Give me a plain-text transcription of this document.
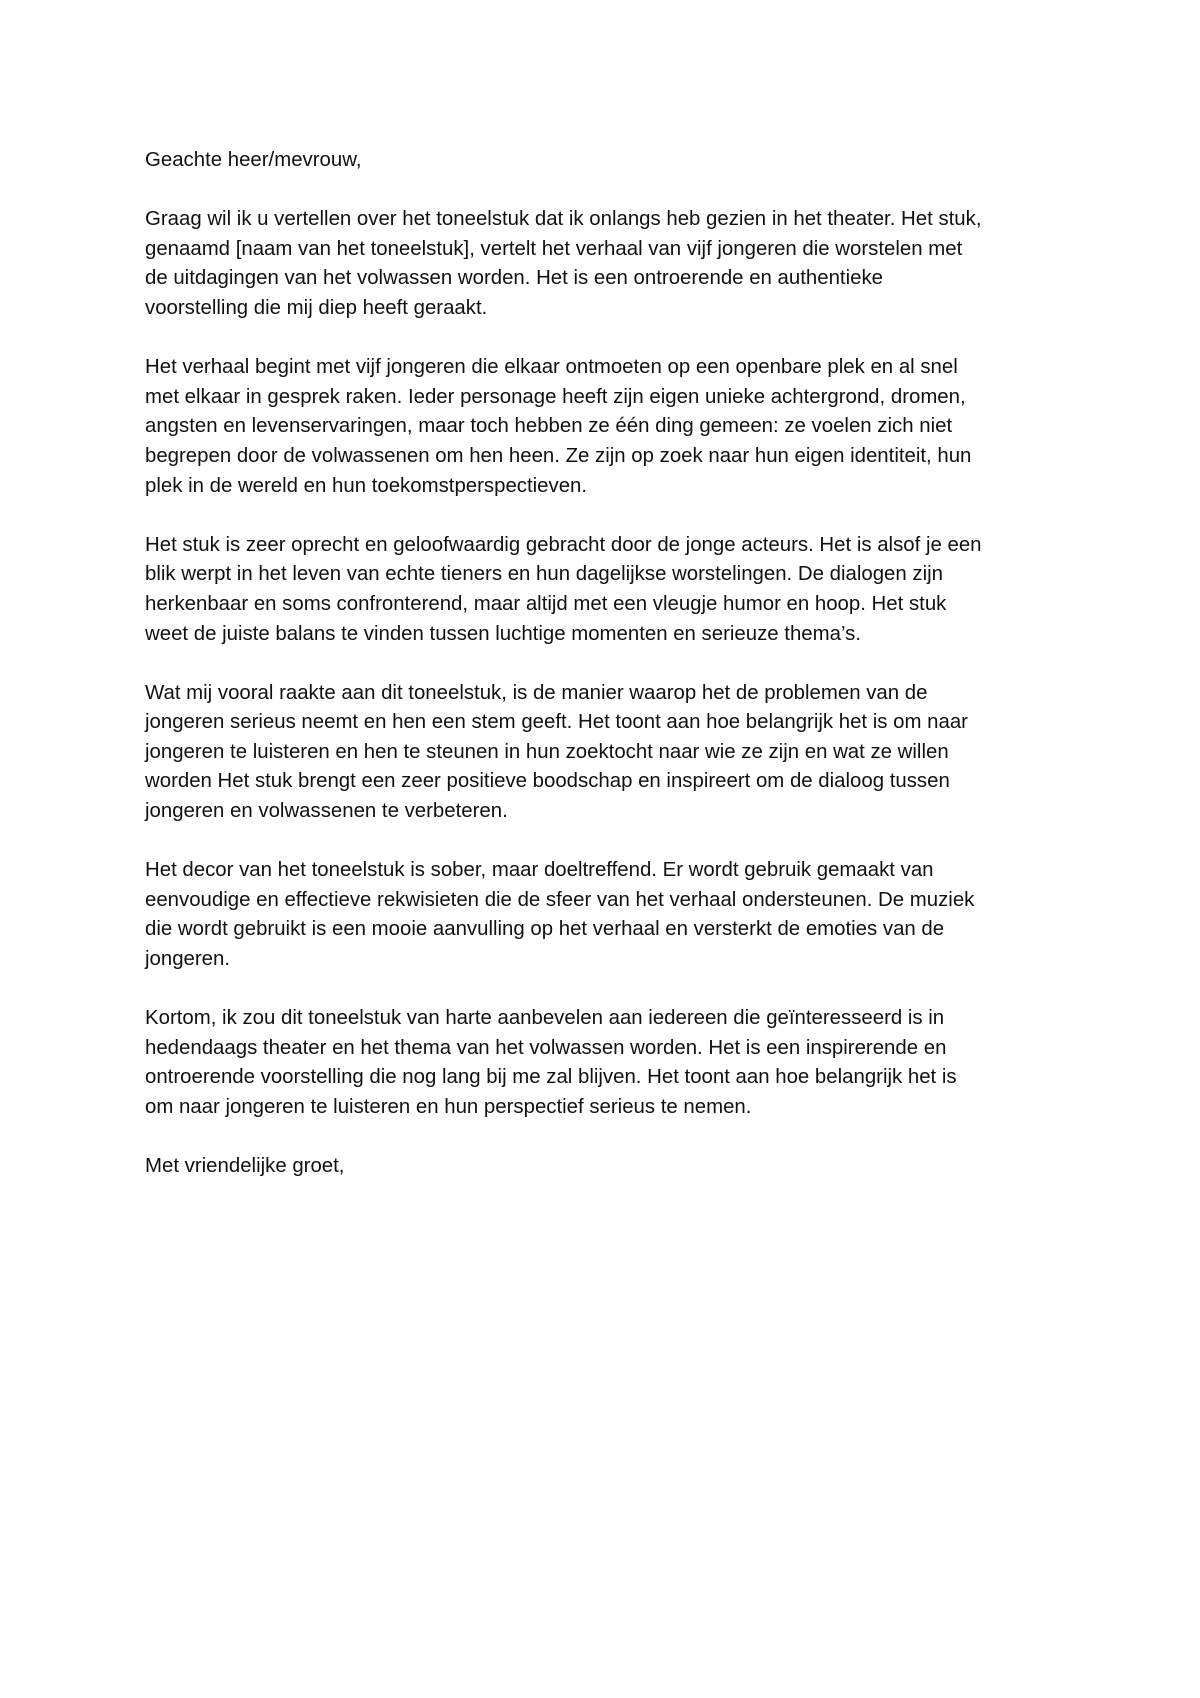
Geachte heer/mevrouw,

Graag wil ik u vertellen over het toneelstuk dat ik onlangs heb gezien in het theater. Het stuk,
genaamd [naam van het toneelstuk], vertelt het verhaal van vijf jongeren die worstelen met
de uitdagingen van het volwassen worden. Het is een ontroerende en authentieke
voorstelling die mij diep heeft geraakt.

Het verhaal begint met vijf jongeren die elkaar ontmoeten op een openbare plek en al snel
met elkaar in gesprek raken. Ieder personage heeft zijn eigen unieke achtergrond, dromen,
angsten en levenservaringen, maar toch hebben ze één ding gemeen: ze voelen zich niet
begrepen door de volwassenen om hen heen. Ze zijn op zoek naar hun eigen identiteit, hun
plek in de wereld en hun toekomstperspectieven.

Het stuk is zeer oprecht en geloofwaardig gebracht door de jonge acteurs. Het is alsof je een
blik werpt in het leven van echte tieners en hun dagelijkse worstelingen. De dialogen zijn
herkenbaar en soms confronterend, maar altijd met een vleugje humor en hoop. Het stuk
weet de juiste balans te vinden tussen luchtige momenten en serieuze thema’s.

Wat mij vooral raakte aan dit toneelstuk, is de manier waarop het de problemen van de
jongeren serieus neemt en hen een stem geeft. Het toont aan hoe belangrijk het is om naar
jongeren te luisteren en hen te steunen in hun zoektocht naar wie ze zijn en wat ze willen
worden Het stuk brengt een zeer positieve boodschap en inspireert om de dialoog tussen
jongeren en volwassenen te verbeteren.

Het decor van het toneelstuk is sober, maar doeltreffend. Er wordt gebruik gemaakt van
eenvoudige en effectieve rekwisieten die de sfeer van het verhaal ondersteunen. De muziek
die wordt gebruikt is een mooie aanvulling op het verhaal en versterkt de emoties van de
jongeren.

Kortom, ik zou dit toneelstuk van harte aanbevelen aan iedereen die geïnteresseerd is in
hedendaags theater en het thema van het volwassen worden. Het is een inspirerende en
ontroerende voorstelling die nog lang bij me zal blijven. Het toont aan hoe belangrijk het is
om naar jongeren te luisteren en hun perspectief serieus te nemen.

Met vriendelijke groet,
